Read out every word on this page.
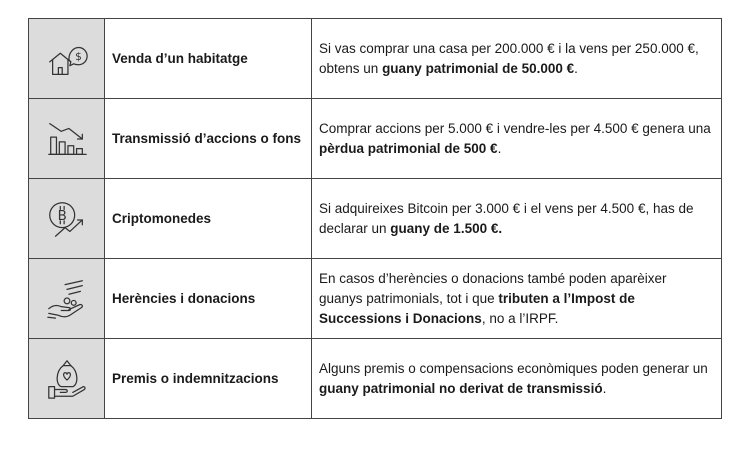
$	Venda d’un habitatge	Si vas comprar una casa per 200.000 € i la vens per 250.000 €, obtens un guany patrimonial de 50.000 €.

	Transmissió d’accions o fons	Comprar accions per 5.000 € i vendre-les per 4.500 € genera una pèrdua patrimonial de 500 €.

B	Criptomonedes	Si adquireixes Bitcoin per 3.000 € i el vens per 4.500 €, has de declarar un guany de 1.500 €.

	Herències i donacions	En casos d’herències o donacions també poden aparèixer guanys patrimonials, tot i que tributen a l’Impost de Successions i Donacions, no a l’IRPF.

	Premis o indemnitzacions	Alguns premis o compensacions econòmiques poden generar un guany patrimonial no derivat de transmissió.
